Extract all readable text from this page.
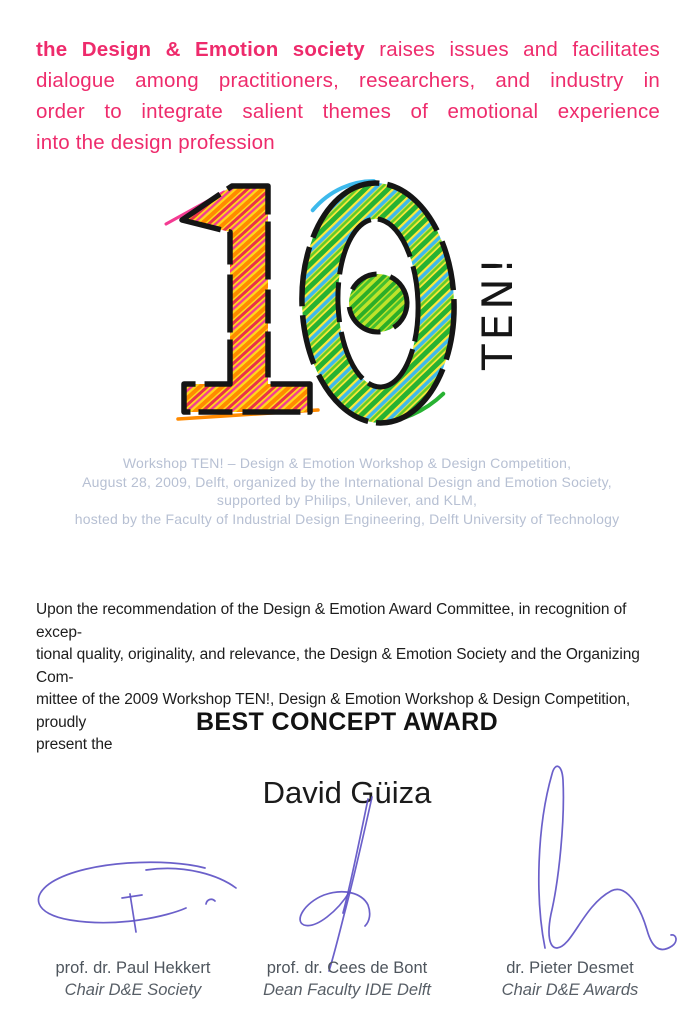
the Design & Emotion society raises issues and facilitates
dialogue among practitioners, researchers, and industry in
order to integrate salient themes of emotional experience
into the design profession
TEN!
Workshop TEN! – Design & Emotion Workshop & Design Competition,
August 28, 2009, Delft, organized by the International Design and Emotion Society,
supported by Philips, Unilever, and KLM,
hosted by the Faculty of Industrial Design Engineering, Delft University of Technology
Upon the recommendation of the Design & Emotion Award Committee, in recognition of excep-
tional quality, originality, and relevance, the Design & Emotion Society and the Organizing Com-
mittee of the 2009 Workshop TEN!, Design & Emotion Workshop & Design Competition, proudly
present the
BEST CONCEPT AWARD
David Güiza
prof. dr. Paul Hekkert
Chair D&E Society
prof. dr. Cees de Bont
Dean Faculty IDE Delft
dr. Pieter Desmet
Chair D&E Awards
